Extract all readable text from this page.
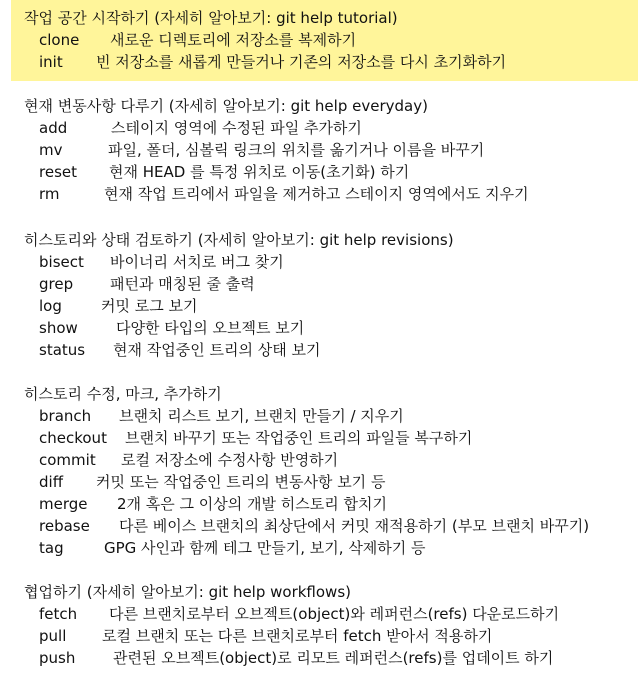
작업 공간 시작하기 (자세히 알아보기: git help tutorial)
clone 새로운 디렉토리에 저장소를 복제하기
init 빈 저장소를 새롭게 만들거나 기존의 저장소를 다시 초기화하기
현재 변동사항 다루기 (자세히 알아보기: git help everyday)
add	스테이지 영역에 수정된 파일 추가하기
mv	파일, 폴더, 심볼릭 링크의 위치를 옮기거나 이름을 바꾸기
reset 현재 HEAD 를 특정 위치로 이동(초기화) 하기
rm	현재 작업 트리에서 파일을 제거하고 스테이지 영역에서도 지우기
히스토리와 상태 검토하기 (자세히 알아보기: git help revisions)
bisect 바이너리 서치로 버그 찾기
grep 패턴과 매칭된 줄 출력
log	커밋 로그 보기
show	다양한 타입의 오브젝트 보기
status 현재 작업중인 트리의 상태 보기
히스토리 수정, 마크, 추가하기
branch 브랜치 리스트 보기, 브랜치 만들기 / 지우기
checkout 브랜치 바꾸기 또는 작업중인 트리의 파일들 복구하기
commit 로컬 저장소에 수정사항 반영하기
diff 커밋 또는 작업중인 트리의 변동사항 보기 등
merge 2개 혹은 그 이상의 개발 히스토리 합치기
rebase 다른 베이스 브랜치의 최상단에서 커밋 재적용하기 (부모 브랜치 바꾸기)
tag	GPG 사인과 함께 테그 만들기, 보기, 삭제하기 등
협업하기 (자세히 알아보기: git help workflows)
fetch 다른 브랜치로부터 오브젝트(object)와 레퍼런스(refs) 다운로드하기
pull 로컬 브랜치 또는 다른 브랜치로부터 fetch 받아서 적용하기
push	관련된 오브젝트(object)로 리모트 레퍼런스(refs)를 업데이트 하기
